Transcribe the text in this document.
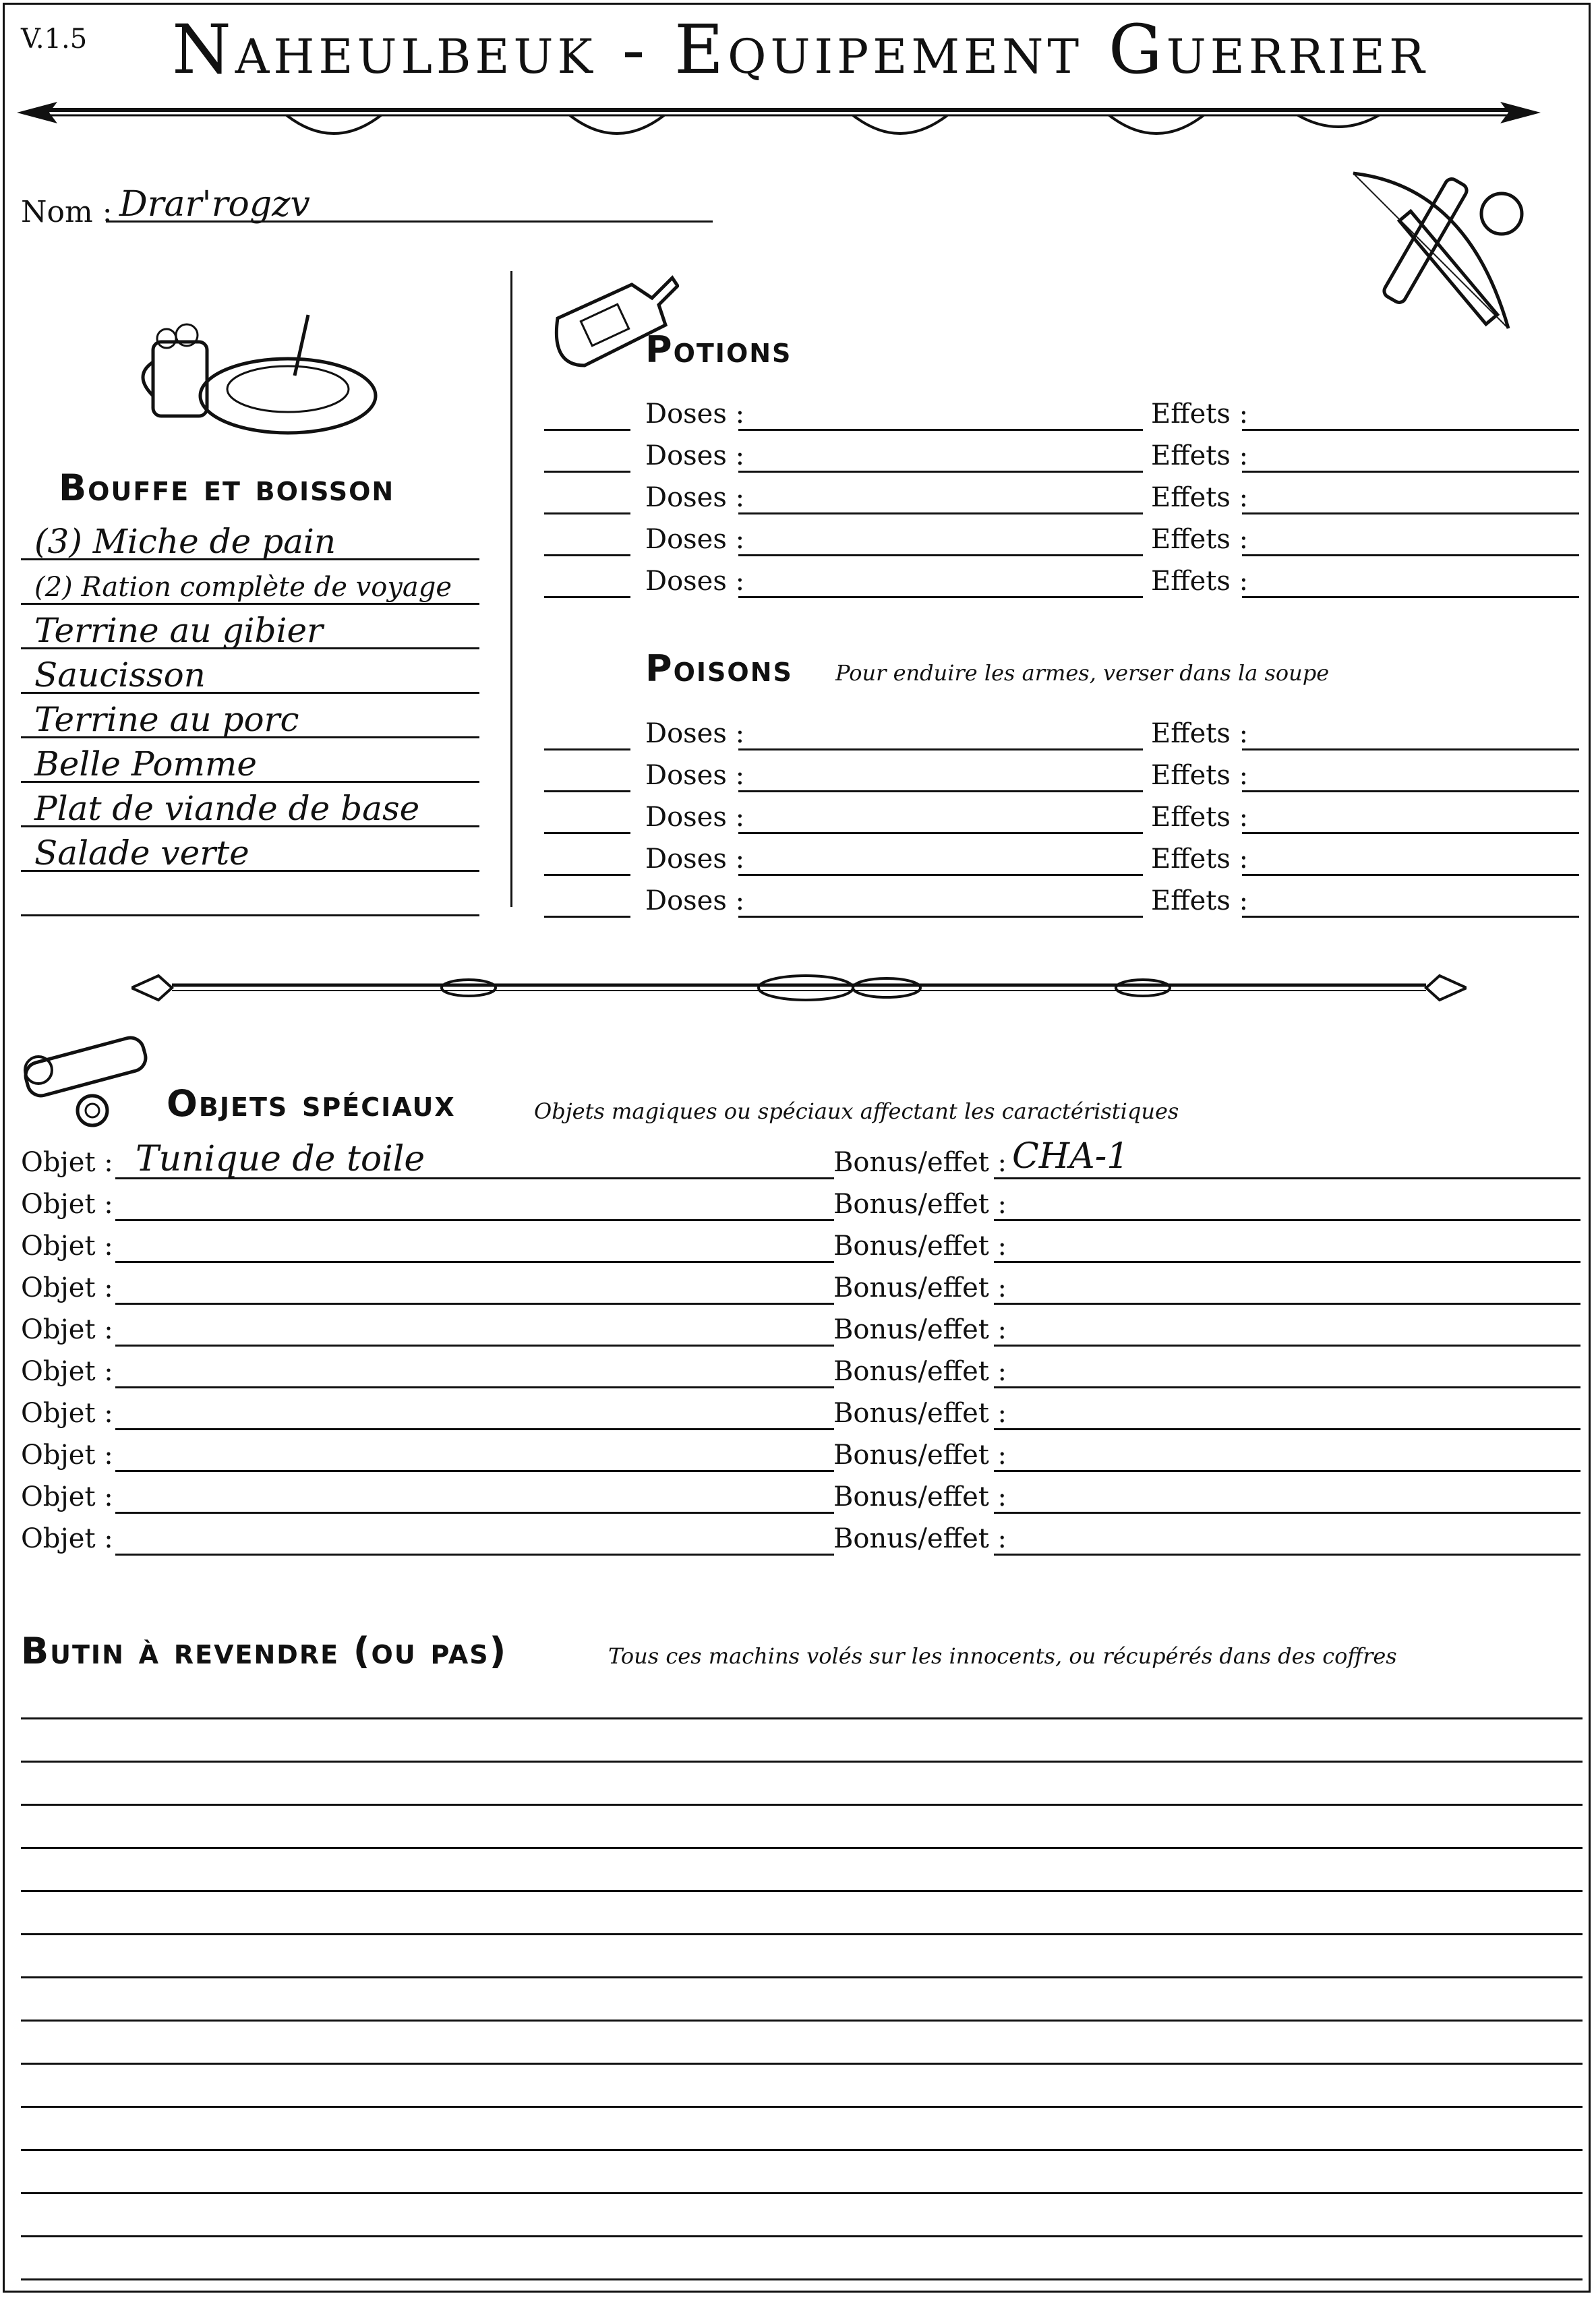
V.1.5 Naheulbeuk - Equipement Guerrier
Nom : Drar'rogzv
Bouffe et boisson
(3) Miche de pain
(2) Ration complète de voyage
Terrine au gibier
Saucisson
Terrine au porc
Belle Pomme
Plat de viande de base
Salade verte
Potions
Doses :	Effets :
Doses :	Effets :
Doses :	Effets :
Doses :	Effets :
Doses :	Effets :
Poisons Pour enduire les armes, verser dans la soupe
Doses :	Effets :
Doses :	Effets :
Doses :	Effets :
Doses :	Effets :
Doses :	Effets :
Objets spéciaux	Objets magiques ou spéciaux affectant les caractéristiques
Objet : Tunique de toile	Bonus/effet : CHA-1
Objet :	Bonus/effet :
Objet :	Bonus/effet :
Objet :	Bonus/effet :
Objet :	Bonus/effet :
Objet :	Bonus/effet :
Objet :	Bonus/effet :
Objet :	Bonus/effet :
Objet :	Bonus/effet :
Objet :	Bonus/effet :
Butin à revendre (ou pas)	Tous ces machins volés sur les innocents, ou récupérés dans des coffres
